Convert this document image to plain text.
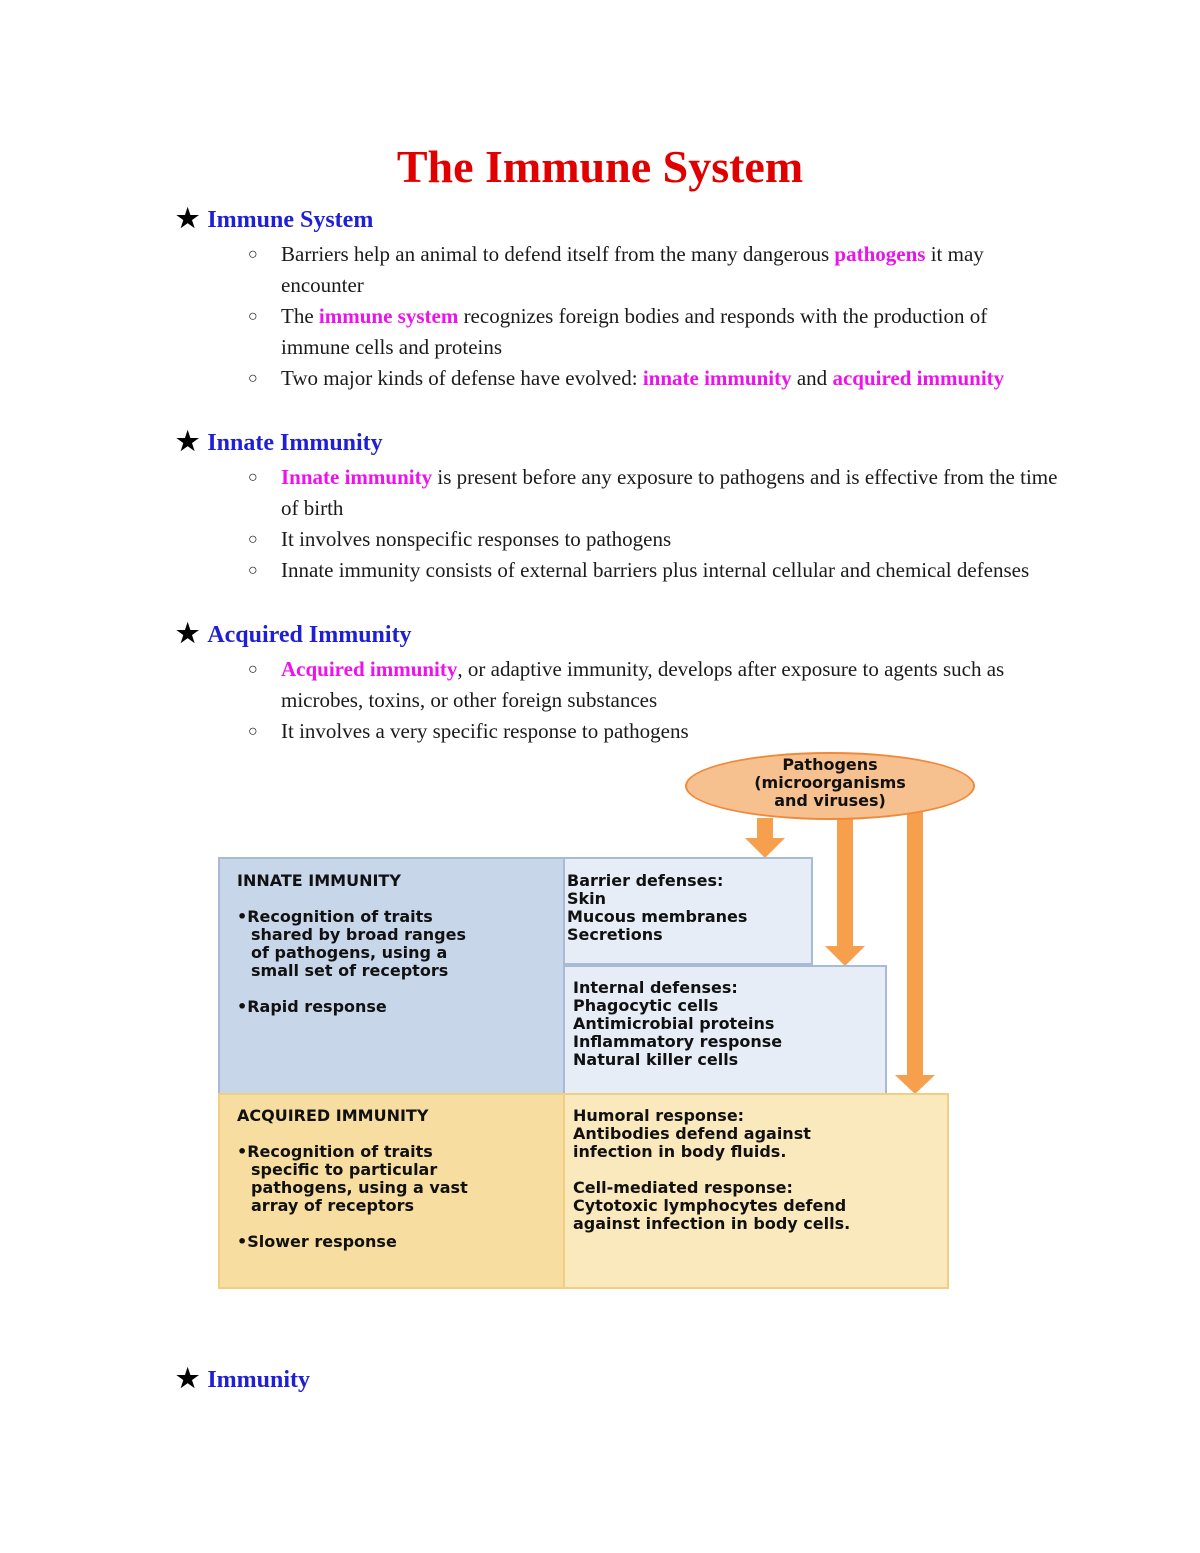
The Immune System
★ Immune System
○ Barriers help an animal to defend itself from the many dangerous pathogens it may encounter
○ The immune system recognizes foreign bodies and responds with the production of immune cells and proteins
○ Two major kinds of defense have evolved: innate immunity and acquired immunity
★ Innate Immunity
○ Innate immunity is present before any exposure to pathogens and is effective from the time of birth
○ It involves nonspecific responses to pathogens
○ Innate immunity consists of external barriers plus internal cellular and chemical defenses
★ Acquired Immunity
○ Acquired immunity, or adaptive immunity, develops after exposure to agents such as microbes, toxins, or other foreign substances
○ It involves a very specific response to pathogens
Pathogens
(microorganisms
and viruses)
INNATE IMMUNITY
•Recognition of traits
shared by broad ranges
of pathogens, using a
small set of receptors
•Rapid response
Barrier defenses:
Skin
Mucous membranes
Secretions
Internal defenses:
Phagocytic cells
Antimicrobial proteins
Inflammatory response
Natural killer cells
ACQUIRED IMMUNITY
•Recognition of traits
specific to particular
pathogens, using a vast
array of receptors
•Slower response
Humoral response:
Antibodies defend against
infection in body fluids.
Cell-mediated response:
Cytotoxic lymphocytes defend
against infection in body cells.
★ Immunity
